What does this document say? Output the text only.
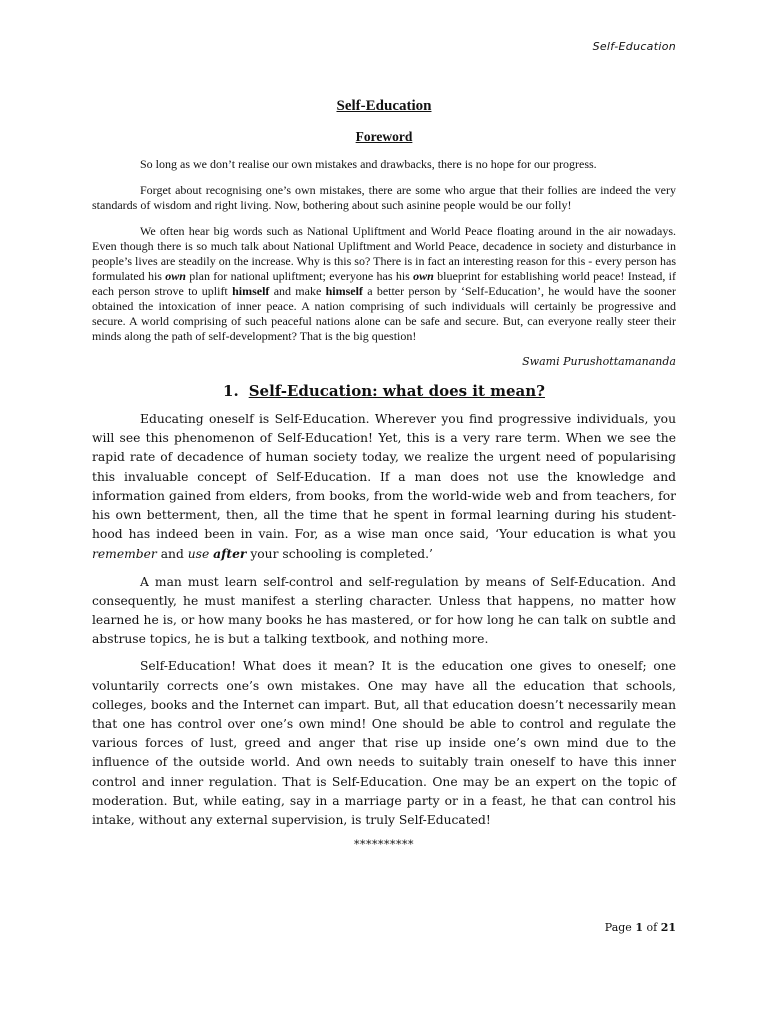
Self-Education
Self-Education
Foreword

So long as we don’t realise our own mistakes and drawbacks, there is no hope for our progress.

Forget about recognising one’s own mistakes, there are some who argue that their follies are indeed the very standards of wisdom and right living. Now, bothering about such asinine people would be our folly!

We often hear big words such as National Upliftment and World Peace floating around in the air nowadays. Even though there is so much talk about National Upliftment and World Peace, decadence in society and disturbance in people’s lives are steadily on the increase. Why is this so? There is in fact an interesting reason for this - every person has formulated his own plan for national upliftment; everyone has his own blueprint for establishing world peace! Instead, if each person strove to uplift himself and make himself a better person by ‘Self-Education’, he would have the sooner obtained the intoxication of inner peace. A nation comprising of such individuals will certainly be progressive and secure. A world comprising of such peaceful nations alone can be safe and secure. But, can everyone really steer their minds along the path of self-development? That is the big question!

Swami Purushottamananda
1. Self-Education: what does it mean?

Educating oneself is Self-Education. Wherever you find progressive individuals, you will see this phenomenon of Self-Education! Yet, this is a very rare term. When we see the rapid rate of decadence of human society today, we realize the urgent need of popularising this invaluable concept of Self-Education. If a man does not use the knowledge and information gained from elders, from books, from the world-wide web and from teachers, for his own betterment, then, all the time that he spent in formal learning during his student-hood has indeed been in vain. For, as a wise man once said, ‘Your education is what you remember and use after your schooling is completed.’

A man must learn self-control and self-regulation by means of Self-Education. And consequently, he must manifest a sterling character. Unless that happens, no matter how learned he is, or how many books he has mastered, or for how long he can talk on subtle and abstruse topics, he is but a talking textbook, and nothing more.

Self-Education! What does it mean? It is the education one gives to oneself; one voluntarily corrects one’s own mistakes. One may have all the education that schools, colleges, books and the Internet can impart. But, all that education doesn’t necessarily mean that one has control over one’s own mind! One should be able to control and regulate the various forces of lust, greed and anger that rise up inside one’s own mind due to the influence of the outside world. And own needs to suitably train oneself to have this inner control and inner regulation. That is Self-Education. One may be an expert on the topic of moderation. But, while eating, say in a marriage party or in a feast, he that can control his intake, without any external supervision, is truly Self-Educated!

**********
Page 1 of 21
